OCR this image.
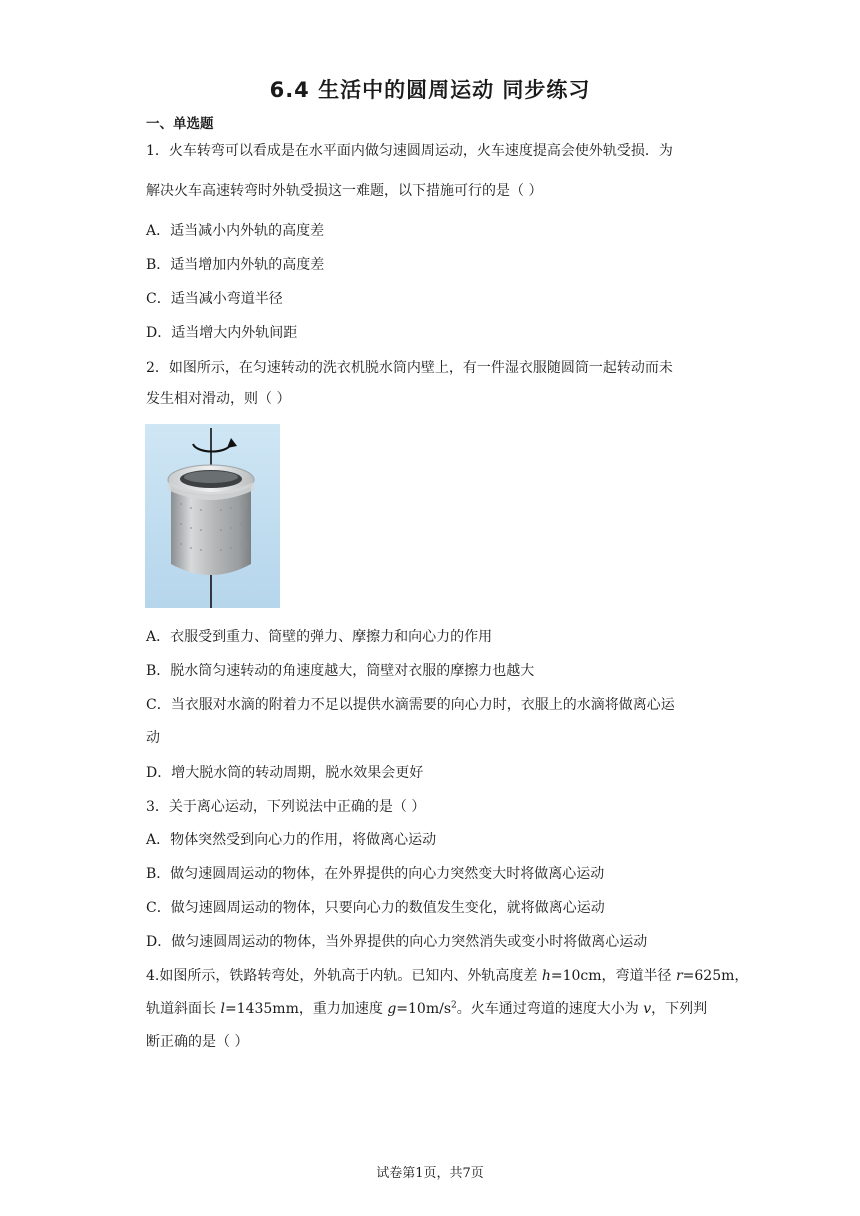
6.4 生活中的圆周运动 同步练习
一、单选题
1．火车转弯可以看成是在水平面内做匀速圆周运动，火车速度提高会使外轨受损．为
解决火车高速转弯时外轨受损这一难题，以下措施可行的是（ ）
A．适当减小内外轨的高度差
B．适当增加内外轨的高度差
C．适当减小弯道半径
D．适当增大内外轨间距
2．如图所示，在匀速转动的洗衣机脱水筒内壁上，有一件湿衣服随圆筒一起转动而未
发生相对滑动，则（ ）
A．衣服受到重力、筒壁的弹力、摩擦力和向心力的作用
B．脱水筒匀速转动的角速度越大，筒壁对衣服的摩擦力也越大
C．当衣服对水滴的附着力不足以提供水滴需要的向心力时，衣服上的水滴将做离心运
动
D．增大脱水筒的转动周期，脱水效果会更好
3．关于离心运动，下列说法中正确的是（ ）
A．物体突然受到向心力的作用，将做离心运动
B．做匀速圆周运动的物体，在外界提供的向心力突然变大时将做离心运动
C．做匀速圆周运动的物体，只要向心力的数值发生变化，就将做离心运动
D．做匀速圆周运动的物体，当外界提供的向心力突然消失或变小时将做离心运动
4.如图所示，铁路转弯处，外轨高于内轨。已知内、外轨高度差 h=10cm，弯道半径 r=625m，
轨道斜面长 l=1435mm，重力加速度 $g=10m/s^2$。火车通过弯道的速度大小为 v，下列判
断正确的是（ ）
试卷第1页，共7页
